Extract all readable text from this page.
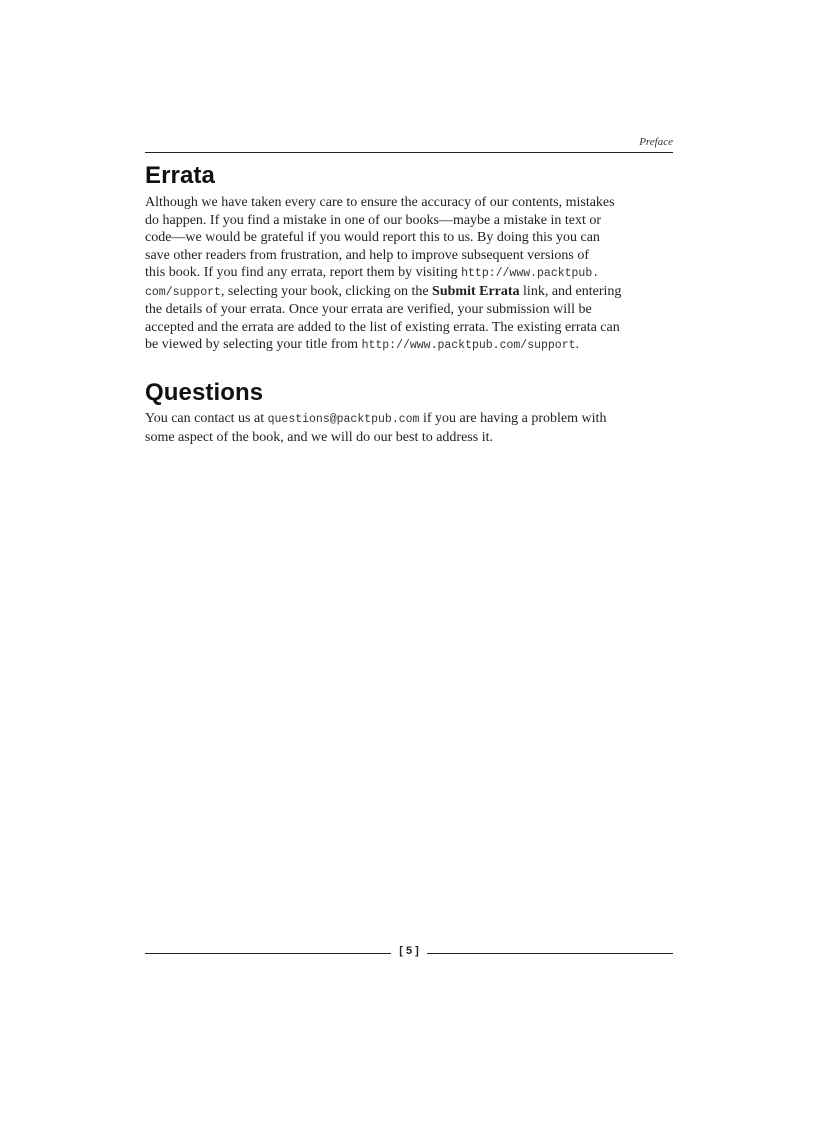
Preface
Errata
Although we have taken every care to ensure the accuracy of our contents, mistakes
do happen. If you find a mistake in one of our books—maybe a mistake in text or
code—we would be grateful if you would report this to us. By doing this you can
save other readers from frustration, and help to improve subsequent versions of
this book. If you find any errata, report them by visiting http://www.packtpub.
com/support, selecting your book, clicking on the Submit Errata link, and entering
the details of your errata. Once your errata are verified, your submission will be
accepted and the errata are added to the list of existing errata. The existing errata can
be viewed by selecting your title from http://www.packtpub.com/support.
Questions
You can contact us at questions@packtpub.com if you are having a problem with
some aspect of the book, and we will do our best to address it.
[ 5 ]
